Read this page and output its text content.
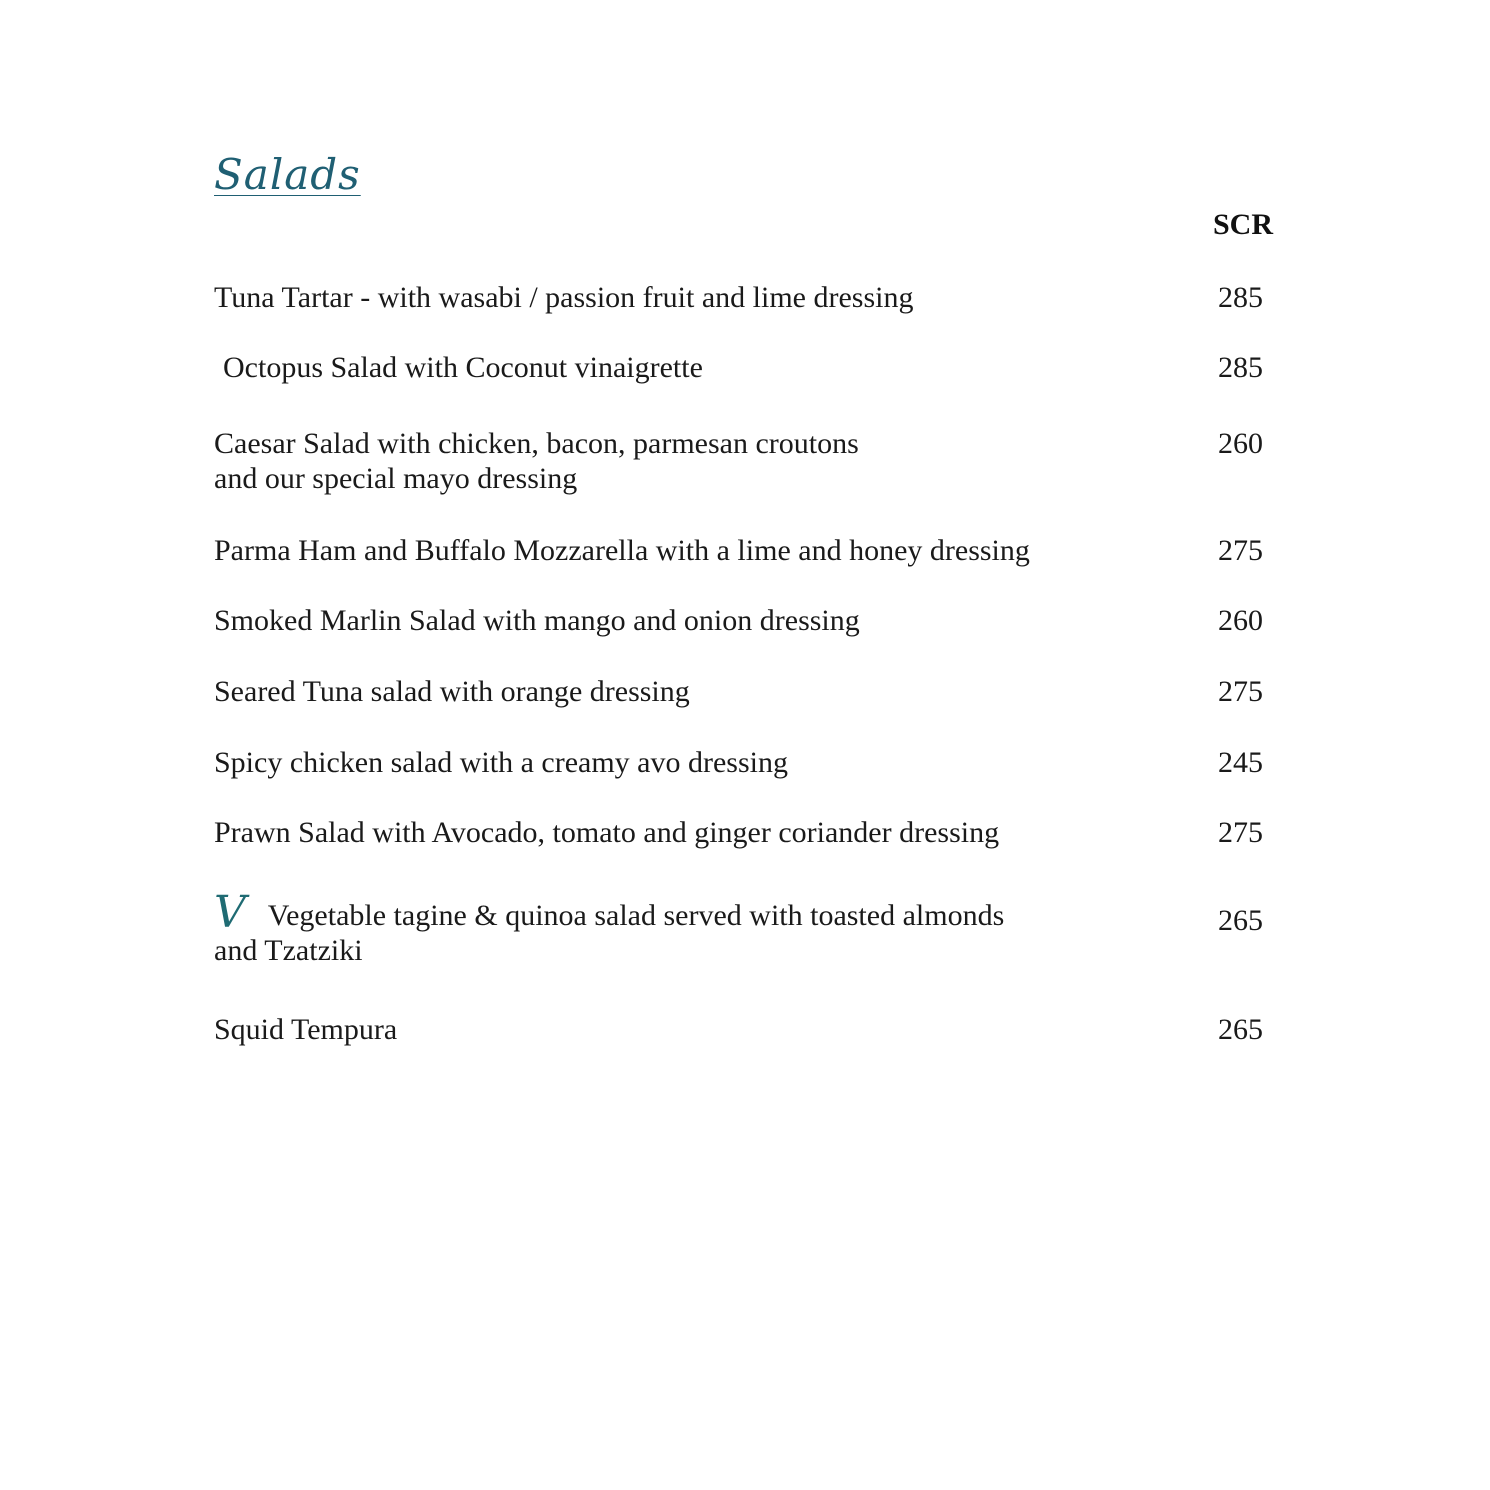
Salads
SCR
Tuna Tartar - with wasabi / passion fruit and lime dressing	285
Octopus Salad with Coconut vinaigrette	285
Caesar Salad with chicken, bacon, parmesan croutons
and our special mayo dressing
260
Parma Ham and Buffalo Mozzarella with a lime and honey dressing	275
Smoked Marlin Salad with mango and onion dressing	260
Seared Tuna salad with orange dressing	275
Spicy chicken salad with a creamy avo dressing	245
Prawn Salad with Avocado, tomato and ginger coriander dressing	275
V Vegetable tagine & quinoa salad served with toasted almonds
and Tzatziki
265
Squid Tempura	265
